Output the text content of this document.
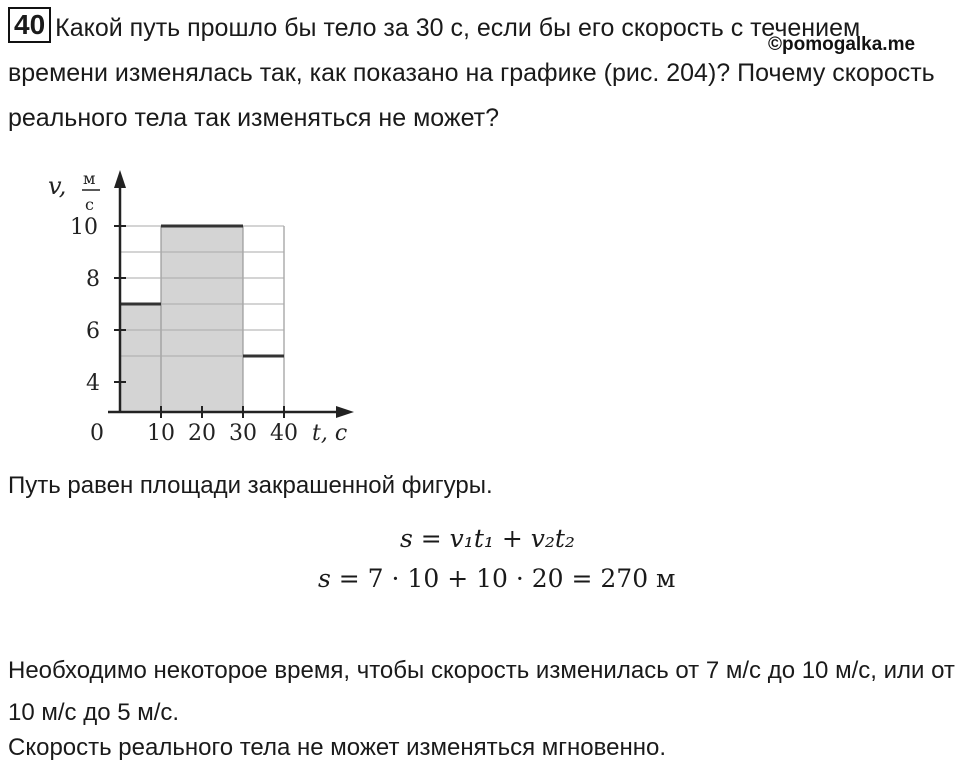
40 Какой путь прошло бы тело за 30 с, если бы его скорость с течением времени изменялась так, как показано на графике (рис. 204)? Почему скорость реального тела так изменяться не может?
©pomogalka.me
v, м
с
0	t, c
10 20 30 40
4
6
8
10
Путь равен площади закрашенной фигуры.
s = v₁t₁ + v₂t₂
s = 7 · 10 + 10 · 20 = 270 м
Необходимо некоторое время, чтобы скорость изменилась от 7 м/с до 10 м/с, или от 10 м/с до 5 м/с.
Скорость реального тела не может изменяться мгновенно.
